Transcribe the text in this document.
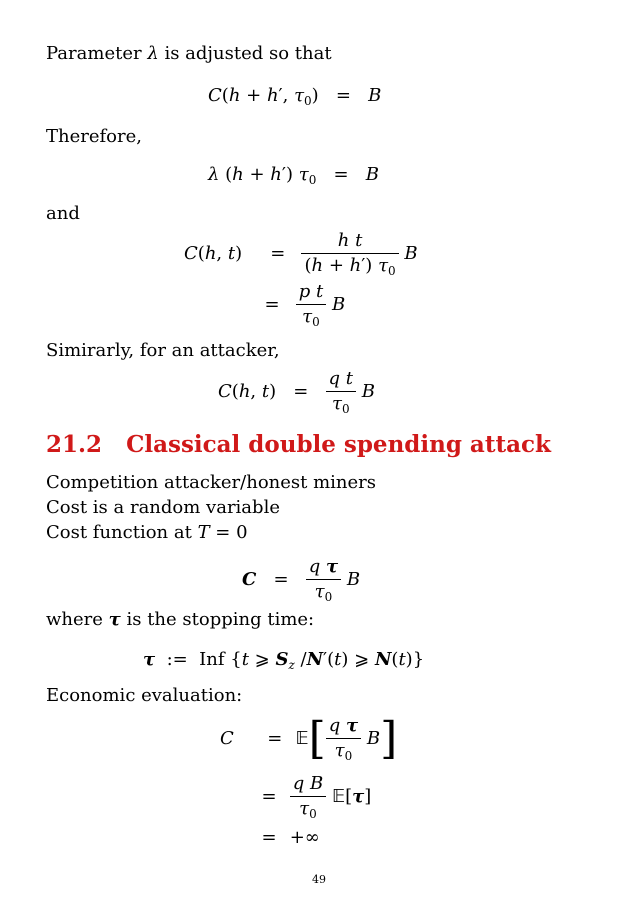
Parameter λ is adjusted so that
C(h + h′, $\tau_0) = B$
Therefore,
λ (h + h′) $\tau_0 = B$
and
C(h, $t) = \frac{\text{h t}}{(h + h') \tau_0}$ B
= $\frac{\text{p t}}{\tau_0}$ B
Simirarly, for an attacker,
C(h, $t) = \frac{\text{q t}}{\tau_0}$ B
21.2 Classical double spending attack
Competition attacker/honest miners
Cost is a random variable
Cost function at T = 0
$C = \frac{\text{q τ}}{\tau_0}$ B
where τ is the stopping time:
τ  :=  Inf {t ⩾ $S_z$ /N′(t) ⩾ N(t)}
Economic evaluation:
C = 𝔼[ $\frac{\text{q τ}}{\tau_0} B$]
= $\frac{\text{q B}}{\tau_0}$ 𝔼[τ]
= +∞
49
